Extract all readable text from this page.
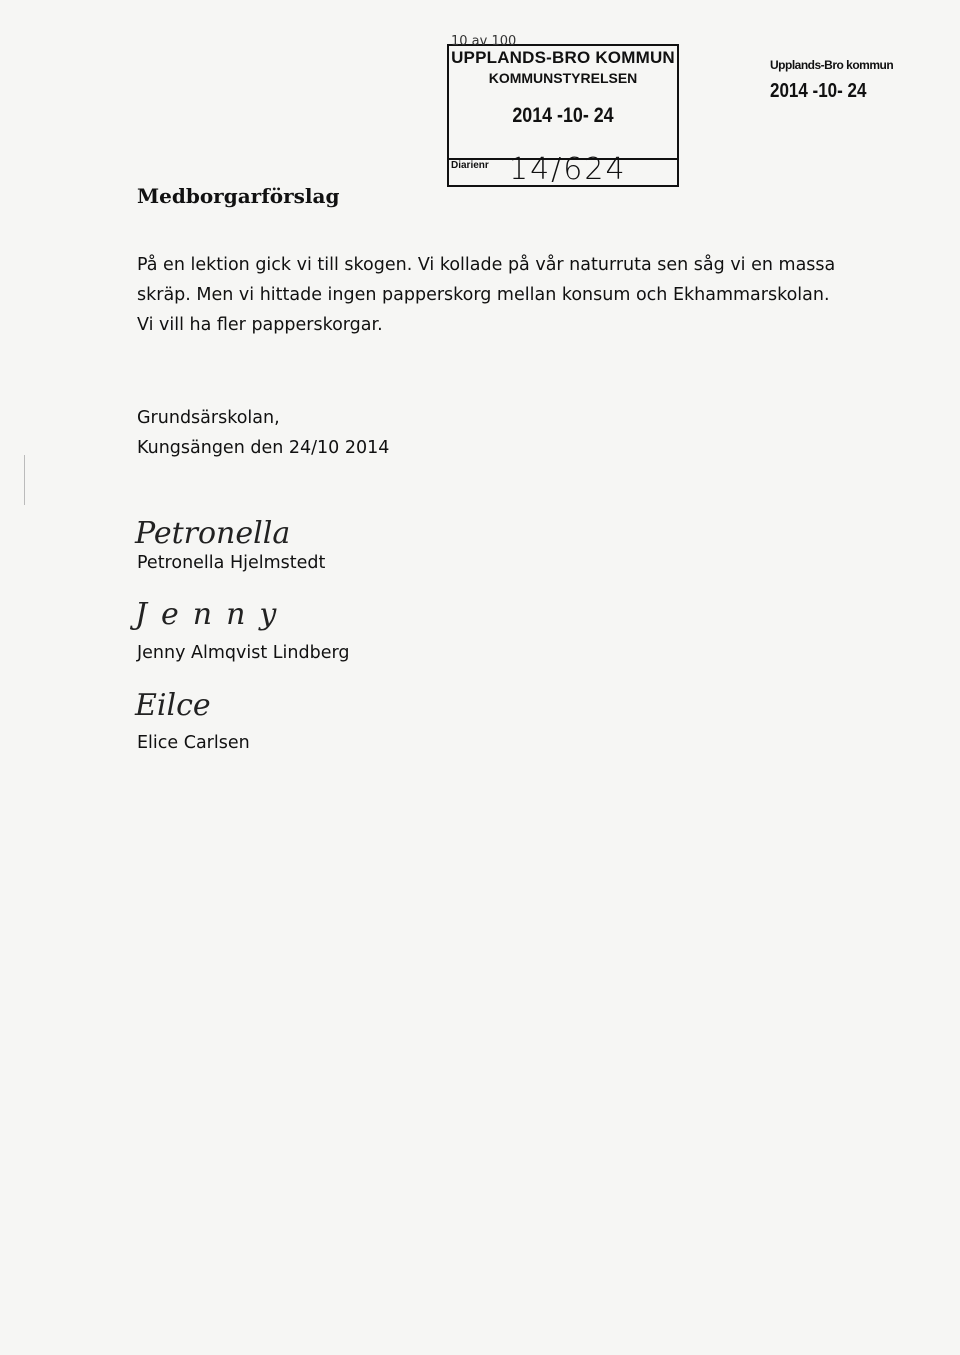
10 av 100
UPPLANDS-BRO KOMMUN
KOMMUNSTYRELSEN
2014 -10- 24
Diarienr 14/624
Upplands-Bro kommun
2014 -10- 24
Medborgarförslag
På en lektion gick vi till skogen. Vi kollade på vår naturruta sen såg vi en massa
skräp. Men vi hittade ingen papperskorg mellan konsum och Ekhammarskolan.
Vi vill ha fler papperskorgar.
Grundsärskolan,
Kungsängen den 24/10 2014
Petronella
Petronella Hjelmstedt
Jenny
Jenny Almqvist Lindberg
Eilce
Elice Carlsen
